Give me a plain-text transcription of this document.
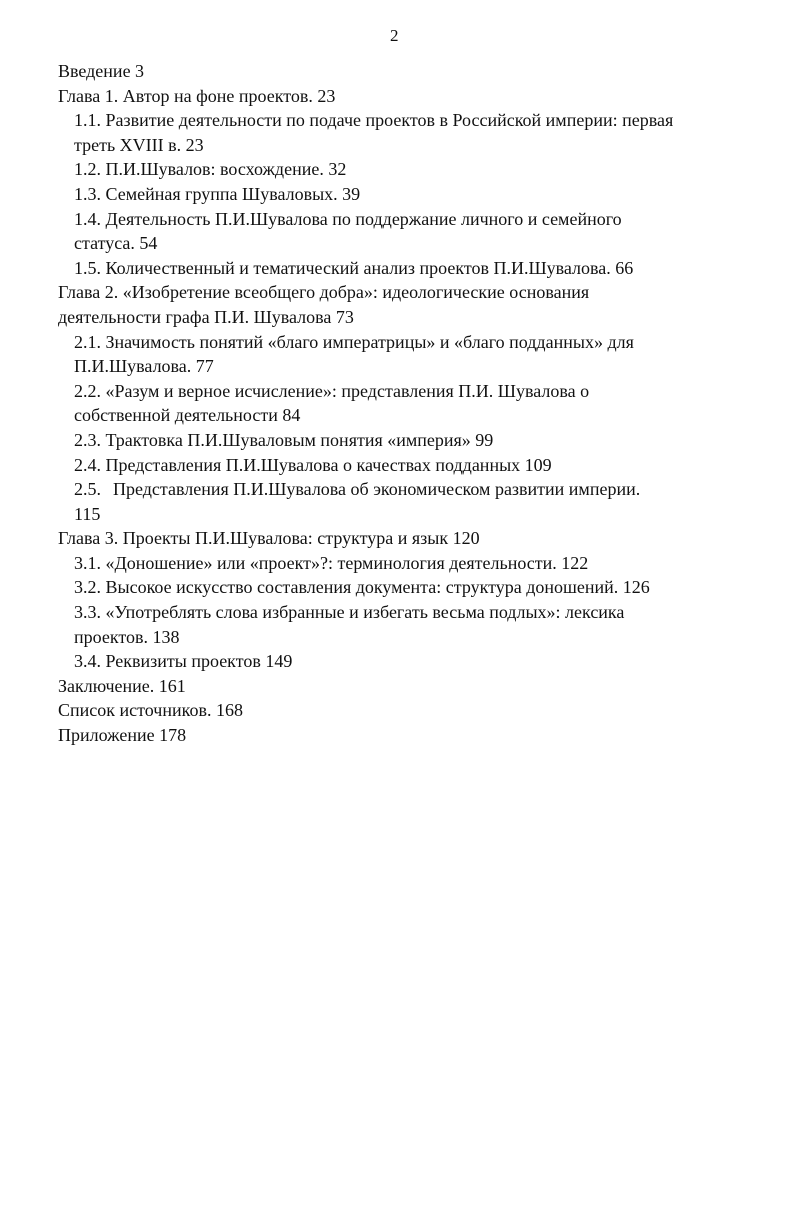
2

Введение 3

Глава 1. Автор на фоне проектов. 23

1.1. Развитие деятельности по подаче проектов в Российской империи: первая

треть XVIII в. 23

1.2. П.И.Шувалов: восхождение. 32

1.3. Семейная группа Шуваловых. 39

1.4. Деятельность П.И.Шувалова по поддержание личного и семейного

статуса. 54

1.5. Количественный и тематический анализ проектов П.И.Шувалова. 66

Глава 2. «Изобретение всеобщего добра»: идеологические основания

деятельности графа П.И. Шувалова 73

2.1. Значимость понятий «благо императрицы» и «благо подданных» для

П.И.Шувалова. 77

2.2. «Разум и верное исчисление»: представления П.И. Шувалова о

собственной деятельности 84

2.3. Трактовка П.И.Шуваловым понятия «империя» 99

2.4. Представления П.И.Шувалова о качествах подданных 109

2.5. Представления П.И.Шувалова об экономическом развитии империи.

115

Глава 3. Проекты П.И.Шувалова: структура и язык 120

3.1. «Доношение» или «проект»?: терминология деятельности. 122

3.2. Высокое искусство составления документа: структура доношений. 126

3.3. «Употреблять слова избранные и избегать весьма подлых»: лексика

проектов. 138

3.4. Реквизиты проектов 149

Заключение. 161

Список источников. 168

Приложение 178
